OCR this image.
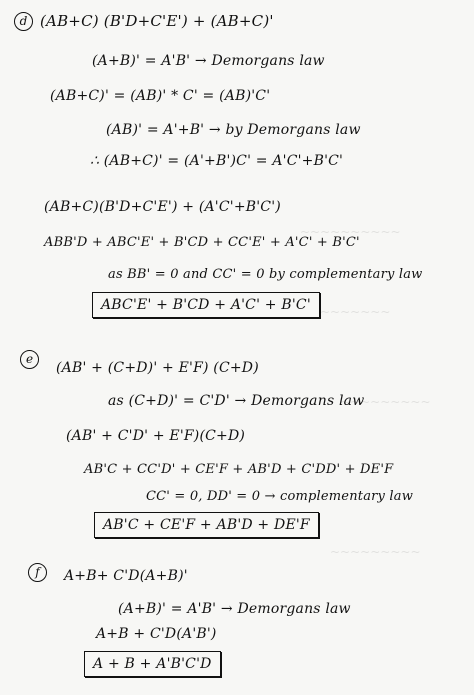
~~~~~~~~~~
~~~~~~~
~~~~~~~~~
~~~~~~~~~
d (AB+C) (B'D+C'E') + (AB+C)'
(A+B)' = A'B' → Demorgans law
(AB+C)' = (AB)' * C' = (AB)'C'
(AB)' = A'+B' → by Demorgans law
∴ (AB+C)' = (A'+B')C' = A'C'+B'C'
(AB+C)(B'D+C'E') + (A'C'+B'C')
ABB'D + ABC'E' + B'CD + CC'E' + A'C' + B'C'
as BB' = 0 and CC' = 0 by complementary law
ABC'E' + B'CD + A'C' + B'C'
e
(AB' + (C+D)' + E'F) (C+D)
as (C+D)' = C'D' → Demorgans law
(AB' + C'D' + E'F)(C+D)
AB'C + CC'D' + CE'F + AB'D + C'DD' + DE'F
CC' = 0, DD' = 0 → complementary law
AB'C + CE'F + AB'D + DE'F
f	A+B+ C'D(A+B)'
(A+B)' = A'B' → Demorgans law
A+B + C'D(A'B')
A + B + A'B'C'D
